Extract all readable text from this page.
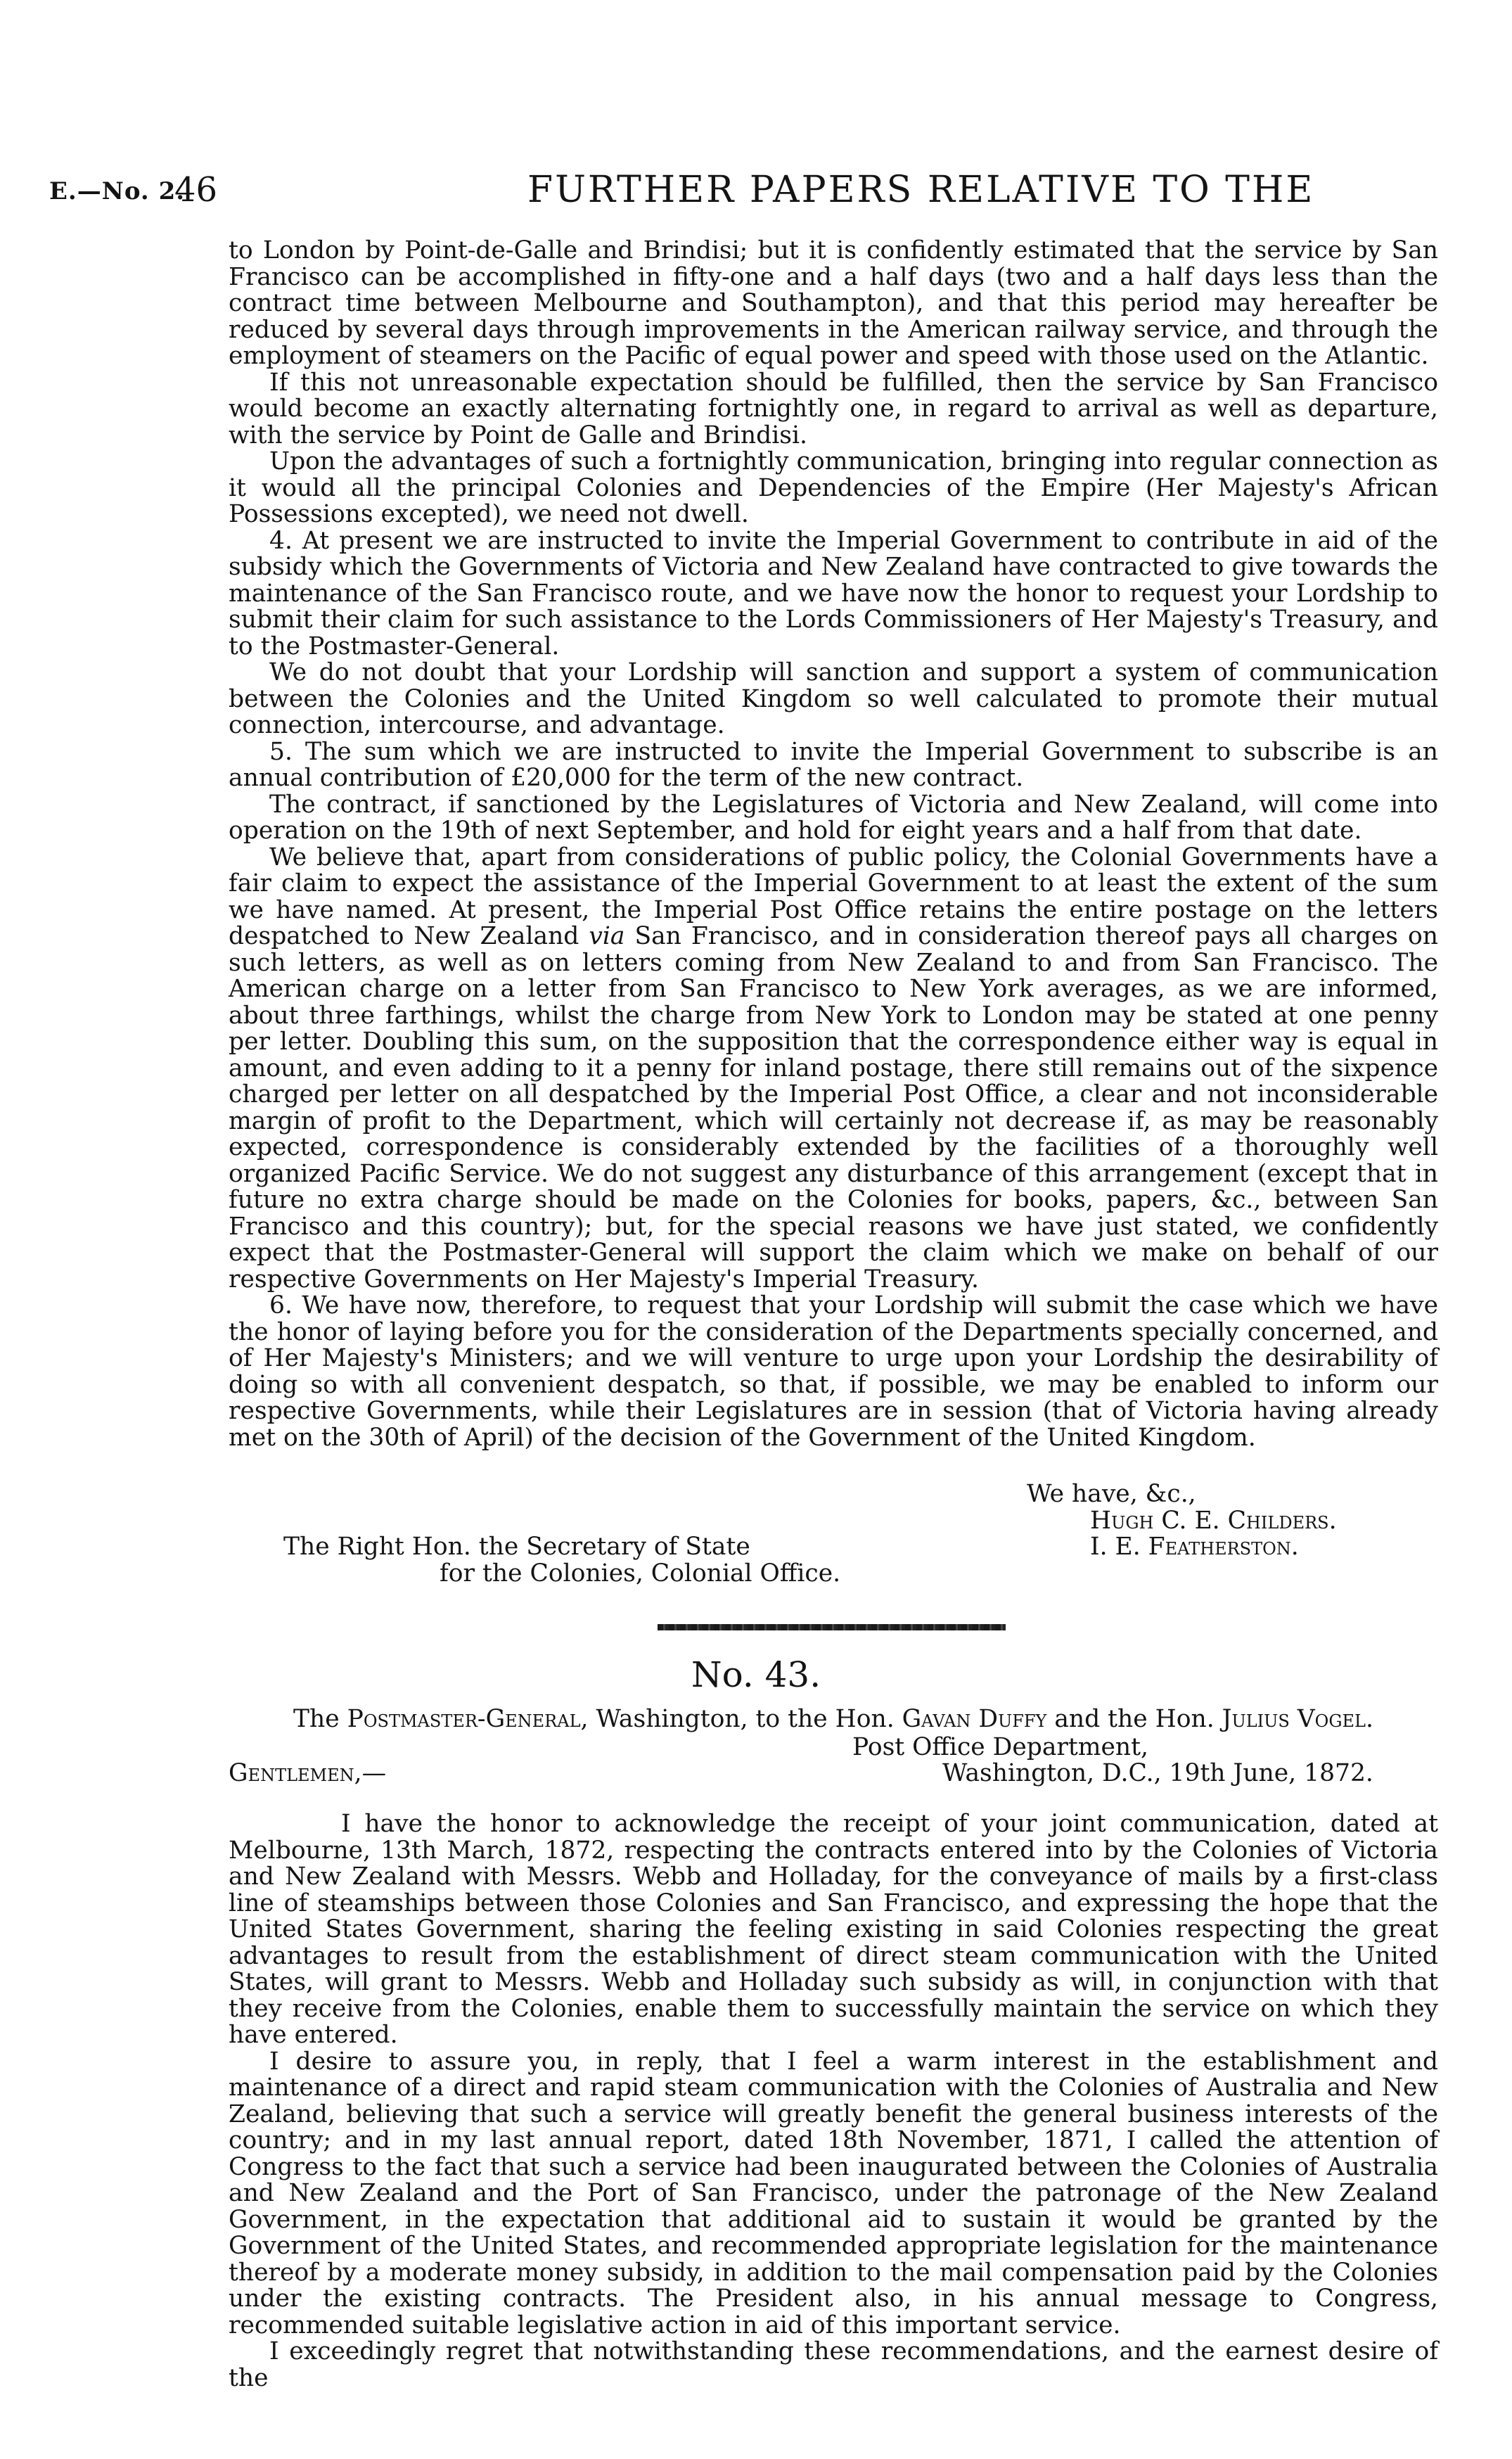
E.—No. 2.
46	FURTHER PAPERS RELATIVE TO THE

to London by Point-de-Galle and Brindisi; but it is confidently estimated that the service by San Francisco can be accomplished in fifty-one and a half days (two and a half days less than the contract time between Melbourne and Southampton), and that this period may hereafter be reduced by several days through improvements in the American railway service, and through the employment of steamers on the Pacific of equal power and speed with those used on the Atlantic.

If this not unreasonable expectation should be fulfilled, then the service by San Francisco would become an exactly alternating fortnightly one, in regard to arrival as well as departure, with the service by Point de Galle and Brindisi.

Upon the advantages of such a fortnightly communication, bringing into regular connection as it would all the principal Colonies and Dependencies of the Empire (Her Majesty's African Possessions excepted), we need not dwell.

4. At present we are instructed to invite the Imperial Government to contribute in aid of the subsidy which the Governments of Victoria and New Zealand have contracted to give towards the maintenance of the San Francisco route, and we have now the honor to request your Lordship to submit their claim for such assistance to the Lords Commissioners of Her Majesty's Treasury, and to the Postmaster-General.

We do not doubt that your Lordship will sanction and support a system of communication between the Colonies and the United Kingdom so well calculated to promote their mutual connection, intercourse, and advantage.

5. The sum which we are instructed to invite the Imperial Government to subscribe is an annual contribution of £20,000 for the term of the new contract.

The contract, if sanctioned by the Legislatures of Victoria and New Zealand, will come into operation on the 19th of next September, and hold for eight years and a half from that date.

We believe that, apart from considerations of public policy, the Colonial Governments have a fair claim to expect the assistance of the Imperial Government to at least the extent of the sum we have named. At present, the Imperial Post Office retains the entire postage on the letters despatched to New Zealand via San Francisco, and in consideration thereof pays all charges on such letters, as well as on letters coming from New Zealand to and from San Francisco. The American charge on a letter from San Francisco to New York averages, as we are informed, about three farthings, whilst the charge from New York to London may be stated at one penny per letter. Doubling this sum, on the supposition that the correspondence either way is equal in amount, and even adding to it a penny for inland postage, there still remains out of the sixpence charged per letter on all despatched by the Imperial Post Office, a clear and not inconsiderable margin of profit to the Department, which will certainly not decrease if, as may be reasonably expected, correspondence is considerably extended by the facilities of a thoroughly well organized Pacific Service. We do not suggest any disturbance of this arrangement (except that in future no extra charge should be made on the Colonies for books, papers, &c., between San Francisco and this country); but, for the special reasons we have just stated, we confidently expect that the Postmaster-General will support the claim which we make on behalf of our respective Governments on Her Majesty's Imperial Treasury.

6. We have now, therefore, to request that your Lordship will submit the case which we have the honor of laying before you for the consideration of the Departments specially concerned, and of Her Majesty's Ministers; and we will venture to urge upon your Lordship the desirability of doing so with all convenient despatch, so that, if possible, we may be enabled to inform our respective Governments, while their Legislatures are in session (that of Victoria having already met on the 30th of April) of the decision of the Government of the United Kingdom.

We have, &c.,
Hugh C. E. Childers.
The Right Hon. the Secretary of State	I. E. Featherston.
for the Colonies, Colonial Office.
No. 43.
The Postmaster-General, Washington, to the Hon. Gavan Duffy and the Hon. Julius Vogel.
Post Office Department,
Gentlemen,—	Washington, D.C., 19th June, 1872.

I have the honor to acknowledge the receipt of your joint communication, dated at Melbourne, 13th March, 1872, respecting the contracts entered into by the Colonies of Victoria and New Zealand with Messrs. Webb and Holladay, for the conveyance of mails by a first-class line of steamships between those Colonies and San Francisco, and expressing the hope that the United States Government, sharing the feeling existing in said Colonies respecting the great advantages to result from the establishment of direct steam communication with the United States, will grant to Messrs. Webb and Holladay such subsidy as will, in conjunction with that they receive from the Colonies, enable them to successfully maintain the service on which they have entered.

I desire to assure you, in reply, that I feel a warm interest in the establishment and maintenance of a direct and rapid steam communication with the Colonies of Australia and New Zealand, believing that such a service will greatly benefit the general business interests of the country; and in my last annual report, dated 18th November, 1871, I called the attention of Congress to the fact that such a service had been inaugurated between the Colonies of Australia and New Zealand and the Port of San Francisco, under the patronage of the New Zealand Government, in the expectation that additional aid to sustain it would be granted by the Government of the United States, and recommended appropriate legislation for the maintenance thereof by a moderate money subsidy, in addition to the mail compensation paid by the Colonies under the existing contracts. The President also, in his annual message to Congress, recommended suitable legislative action in aid of this important service.

I exceedingly regret that notwithstanding these recommendations, and the earnest desire of the
